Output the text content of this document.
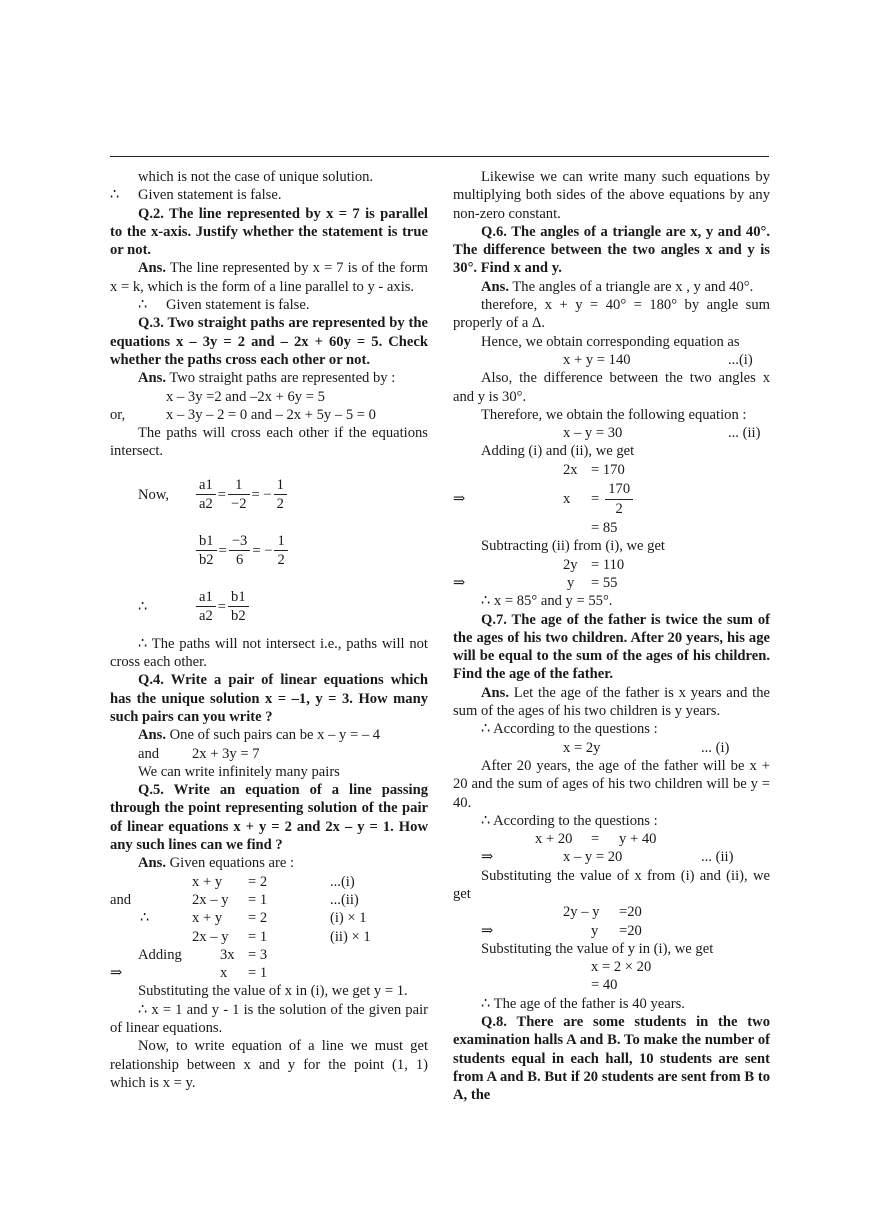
which is not the case of unique solution.
∴ Given statement is false.
Q.2. The line represented by x = 7 is parallel to the x-axis. Justify whether the statement is true or not.
Ans. The line represented by x = 7 is of the form x = k, which is the form of a line parallel to y - axis.
∴ Given statement is false.
Q.3. Two straight paths are represented by the equations x – 3y = 2 and – 2x + 60y = 5. Check whether the paths cross each other or not.
Ans. Two straight paths are represented by :
x – 3y =2 and –2x + 6y = 5
or,	x – 3y – 2 = 0 and – 2x + 5y – 5 = 0
The paths will cross each other if the equations intersect.
Now,	$\frac{a1}{a2} = \frac{1}{-2}$ = − $\frac{1}{2}$
$\frac{b1}{b2} = \frac{-3}{6}$ = − $\frac{1}{2}$
∴	$\frac{a1}{a2} = \frac{b1}{b2}$
∴ The paths will not intersect i.e., paths will not cross each other.
Q.4. Write a pair of linear equations which has the unique solution x = –1, y = 3. How many such pairs can you write ?
Ans. One of such pairs can be x – y = – 4
and 2x + 3y = 7
We can write infinitely many pairs
Q.5. Write an equation of a line passing through the point representing solution of the pair of linear equations x + y = 2 and 2x – y = 1. How any such lines can we find ?
Ans. Given equations are :
x + y = 2	...(i)
and	2x – y = 1	...(ii)
∴	x + y = 2	(i) × 1
2x – y = 1	(ii) × 1
Adding	3x = 3
⇒	x = 1
Substituting the value of x in (i), we get y = 1.
∴ x = 1 and y - 1 is the solution of the given pair of linear equations.
Now, to write equation of a line we must get relationship between x and y for the point (1, 1) which is x = y.
Likewise we can write many such equations by multiplying both sides of the above equations by any non-zero constant.
Q.6. The angles of a triangle are x, y and 40°. The difference between the two angles x and y is 30°. Find x and y.
Ans. The angles of a triangle are x , y and 40°.
therefore, x + y = 40° = 180° by angle sum properly of a Δ.
Hence, we obtain corresponding equation as
x + y = 140	...(i)
Also, the difference between the two angles x and y is 30°.
Therefore, we obtain the following equation :
x – y = 30	... (ii)
Adding (i) and (ii), we get
2x = 170
⇒	x	= $\frac{170}{2}$
= 85
Subtracting (ii) from (i), we get
2y = 110
⇒	y = 55
∴ x = 85° and y = 55°.
Q.7. The age of the father is twice the sum of the ages of his two children. After 20 years, his age will be equal to the sum of the ages of his children. Find the age of the father.
Ans. Let the age of the father is x years and the sum of the ages of his two children is y years.
∴ According to the questions :
x = 2y	... (i)
After 20 years, the age of the father will be x + 20 and the sum of ages of his two children will be y = 40.
∴ According to the questions :
x + 20 = y + 40
⇒	x – y = 20	... (ii)
Substituting the value of x from (i) and (ii), we get
2y – y =20
⇒	y =20
Substituting the value of y in (i), we get
x = 2 × 20
= 40
∴ The age of the father is 40 years.
Q.8. There are some students in the two examination halls A and B. To make the number of students equal in each hall, 10 students are sent from A and B. But if 20 students are sent from B to A, the
